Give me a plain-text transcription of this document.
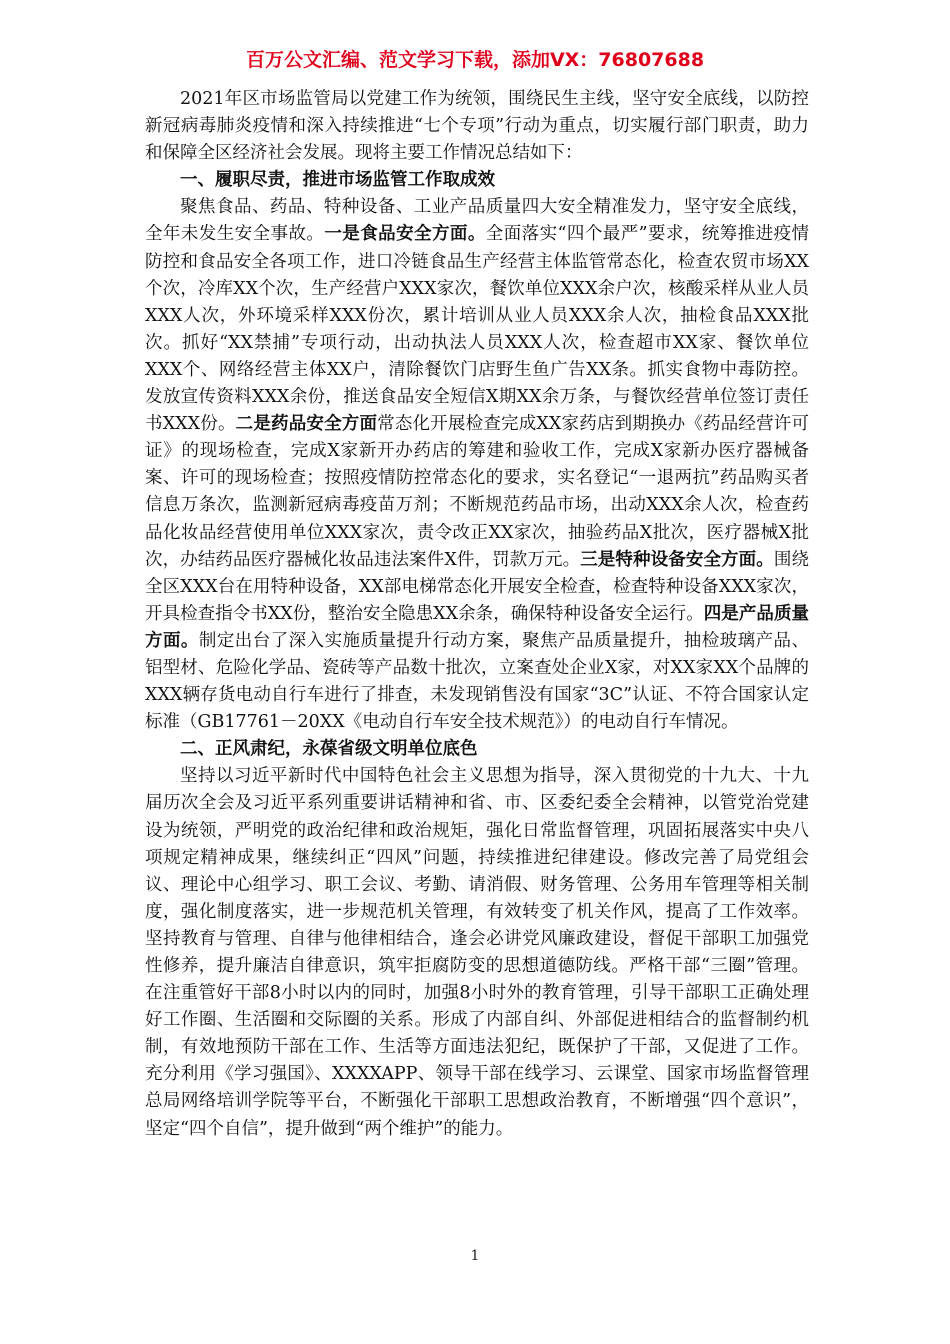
百万公文汇编、范文学习下载，添加VX：76807688

2021年区市场监管局以党建工作为统领，围绕民生主线，坚守安全底线，以防控新冠病毒肺炎疫情和深入持续推进“七个专项”行动为重点，切实履行部门职责，助力和保障全区经济社会发展。现将主要工作情况总结如下：

一、履职尽责，推进市场监管工作取成效

聚焦食品、药品、特种设备、工业产品质量四大安全精准发力，坚守安全底线，全年未发生安全事故。一是食品安全方面。全面落实“四个最严”要求，统筹推进疫情防控和食品安全各项工作，进口冷链食品生产经营主体监管常态化，检查农贸市场XX个次，冷库XX个次，生产经营户XXX家次，餐饮单位XXX余户次，核酸采样从业人员XXX人次，外环境采样XXX份次，累计培训从业人员XXX余人次，抽检食品XXX批次。抓好“XX禁捕”专项行动，出动执法人员XXX人次，检查超市XX家、餐饮单位XXX个、网络经营主体XX户，清除餐饮门店野生鱼广告XX条。抓实食物中毒防控。发放宣传资料XXX余份，推送食品安全短信X期XX余万条，与餐饮经营单位签订责任书XXX份。二是药品安全方面常态化开展检查完成XX家药店到期换办《药品经营许可证》的现场检查，完成X家新开办药店的筹建和验收工作，完成X家新办医疗器械备案、许可的现场检查；按照疫情防控常态化的要求，实名登记“一退两抗”药品购买者信息万条次，监测新冠病毒疫苗万剂；不断规范药品市场，出动XXX余人次，检查药品化妆品经营使用单位XXX家次，责令改正XX家次，抽验药品X批次，医疗器械X批次，办结药品医疗器械化妆品违法案件X件，罚款万元。三是特种设备安全方面。围绕全区XXX台在用特种设备，XX部电梯常态化开展安全检查，检查特种设备XXX家次，开具检查指令书XX份，整治安全隐患XX余条，确保特种设备安全运行。四是产品质量方面。制定出台了深入实施质量提升行动方案，聚焦产品质量提升，抽检玻璃产品、铝型材、危险化学品、瓷砖等产品数十批次，立案查处企业X家，对XX家XX个品牌的XXX辆存货电动自行车进行了排查，未发现销售没有国家“3C”认证、不符合国家认定标准（GB17761－20XX《电动自行车安全技术规范》）的电动自行车情况。

二、正风肃纪，永葆省级文明单位底色

坚持以习近平新时代中国特色社会主义思想为指导，深入贯彻党的十九大、十九届历次全会及习近平系列重要讲话精神和省、市、区委纪委全会精神，以管党治党建设为统领，严明党的政治纪律和政治规矩，强化日常监督管理，巩固拓展落实中央八项规定精神成果，继续纠正“四风”问题，持续推进纪律建设。修改完善了局党组会议、理论中心组学习、职工会议、考勤、请消假、财务管理、公务用车管理等相关制度，强化制度落实，进一步规范机关管理，有效转变了机关作风，提高了工作效率。坚持教育与管理、自律与他律相结合，逢会必讲党风廉政建设，督促干部职工加强党性修养，提升廉洁自律意识，筑牢拒腐防变的思想道德防线。严格干部“三圈”管理。在注重管好干部8小时以内的同时，加强8小时外的教育管理，引导干部职工正确处理好工作圈、生活圈和交际圈的关系。形成了内部自纠、外部促进相结合的监督制约机制，有效地预防干部在工作、生活等方面违法犯纪，既保护了干部，又促进了工作。充分利用《学习强国》、XXXXAPP、领导干部在线学习、云课堂、国家市场监督管理总局网络培训学院等平台，不断强化干部职工思想政治教育，不断增强“四个意识”，坚定“四个自信”，提升做到“两个维护”的能力。

1
